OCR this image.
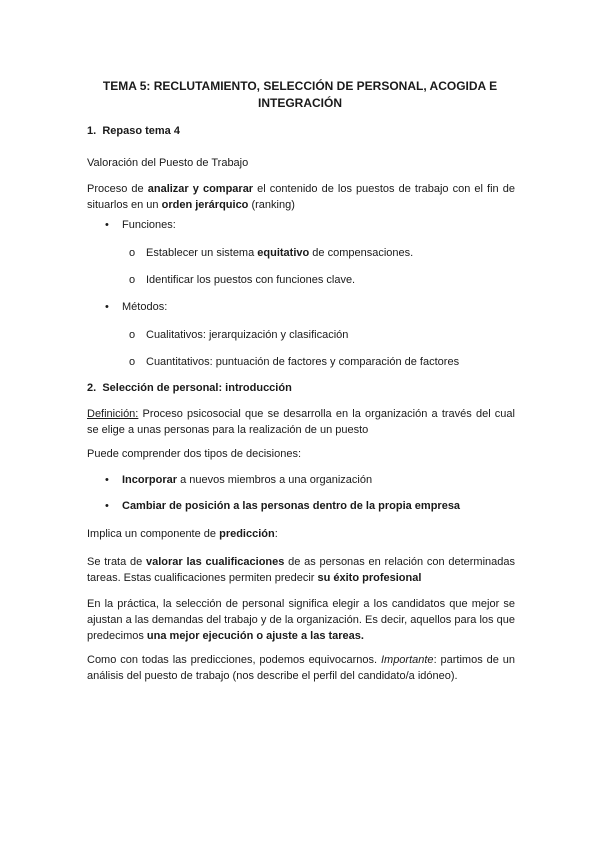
TEMA 5: RECLUTAMIENTO, SELECCIÓN DE PERSONAL, ACOGIDA E INTEGRACIÓN
1. Repaso tema 4
Valoración del Puesto de Trabajo
Proceso de analizar y comparar el contenido de los puestos de trabajo con el fin de situarlos en un orden jerárquico (ranking)
• Funciones:
o Establecer un sistema equitativo de compensaciones.
o Identificar los puestos con funciones clave.
• Métodos:
o Cualitativos: jerarquización y clasificación
o Cuantitativos: puntuación de factores y comparación de factores
2. Selección de personal: introducción
Definición: Proceso psicosocial que se desarrolla en la organización a través del cual se elige a unas personas para la realización de un puesto
Puede comprender dos tipos de decisiones:
• Incorporar a nuevos miembros a una organización
• Cambiar de posición a las personas dentro de la propia empresa
Implica un componente de predicción:
Se trata de valorar las cualificaciones de as personas en relación con determinadas tareas. Estas cualificaciones permiten predecir su éxito profesional
En la práctica, la selección de personal significa elegir a los candidatos que mejor se ajustan a las demandas del trabajo y de la organización. Es decir, aquellos para los que predecimos una mejor ejecución o ajuste a las tareas.
Como con todas las predicciones, podemos equivocarnos. Importante: partimos de un análisis del puesto de trabajo (nos describe el perfil del candidato/a idóneo).
